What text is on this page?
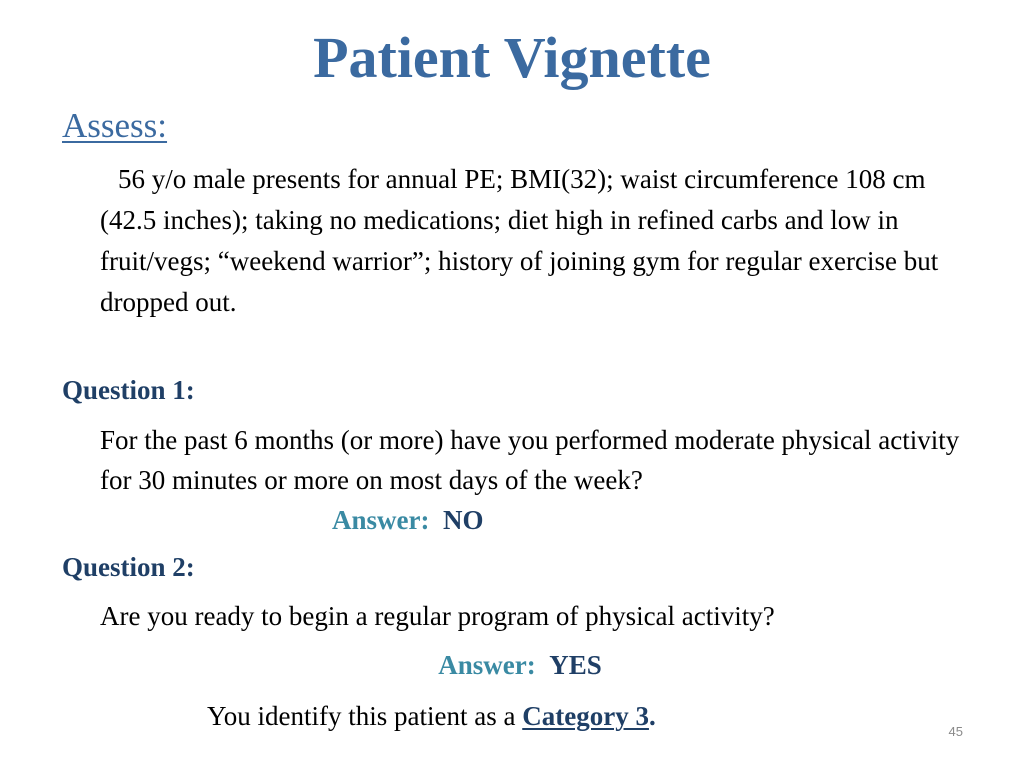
Patient Vignette
Assess:
56 y/o male presents for annual PE; BMI(32); waist circumference 108 cm (42.5 inches); taking no medications; diet high in refined carbs and low in fruit/vegs; “weekend warrior”; history of joining gym for regular exercise but dropped out.
Question 1:
For the past 6 months (or more) have you performed moderate physical activity for 30 minutes or more on most days of the week?Answer: NO
Question 2:
Are you ready to begin a regular program of physical activity?
Answer: YES
You identify this patient as a Category 3.
45
